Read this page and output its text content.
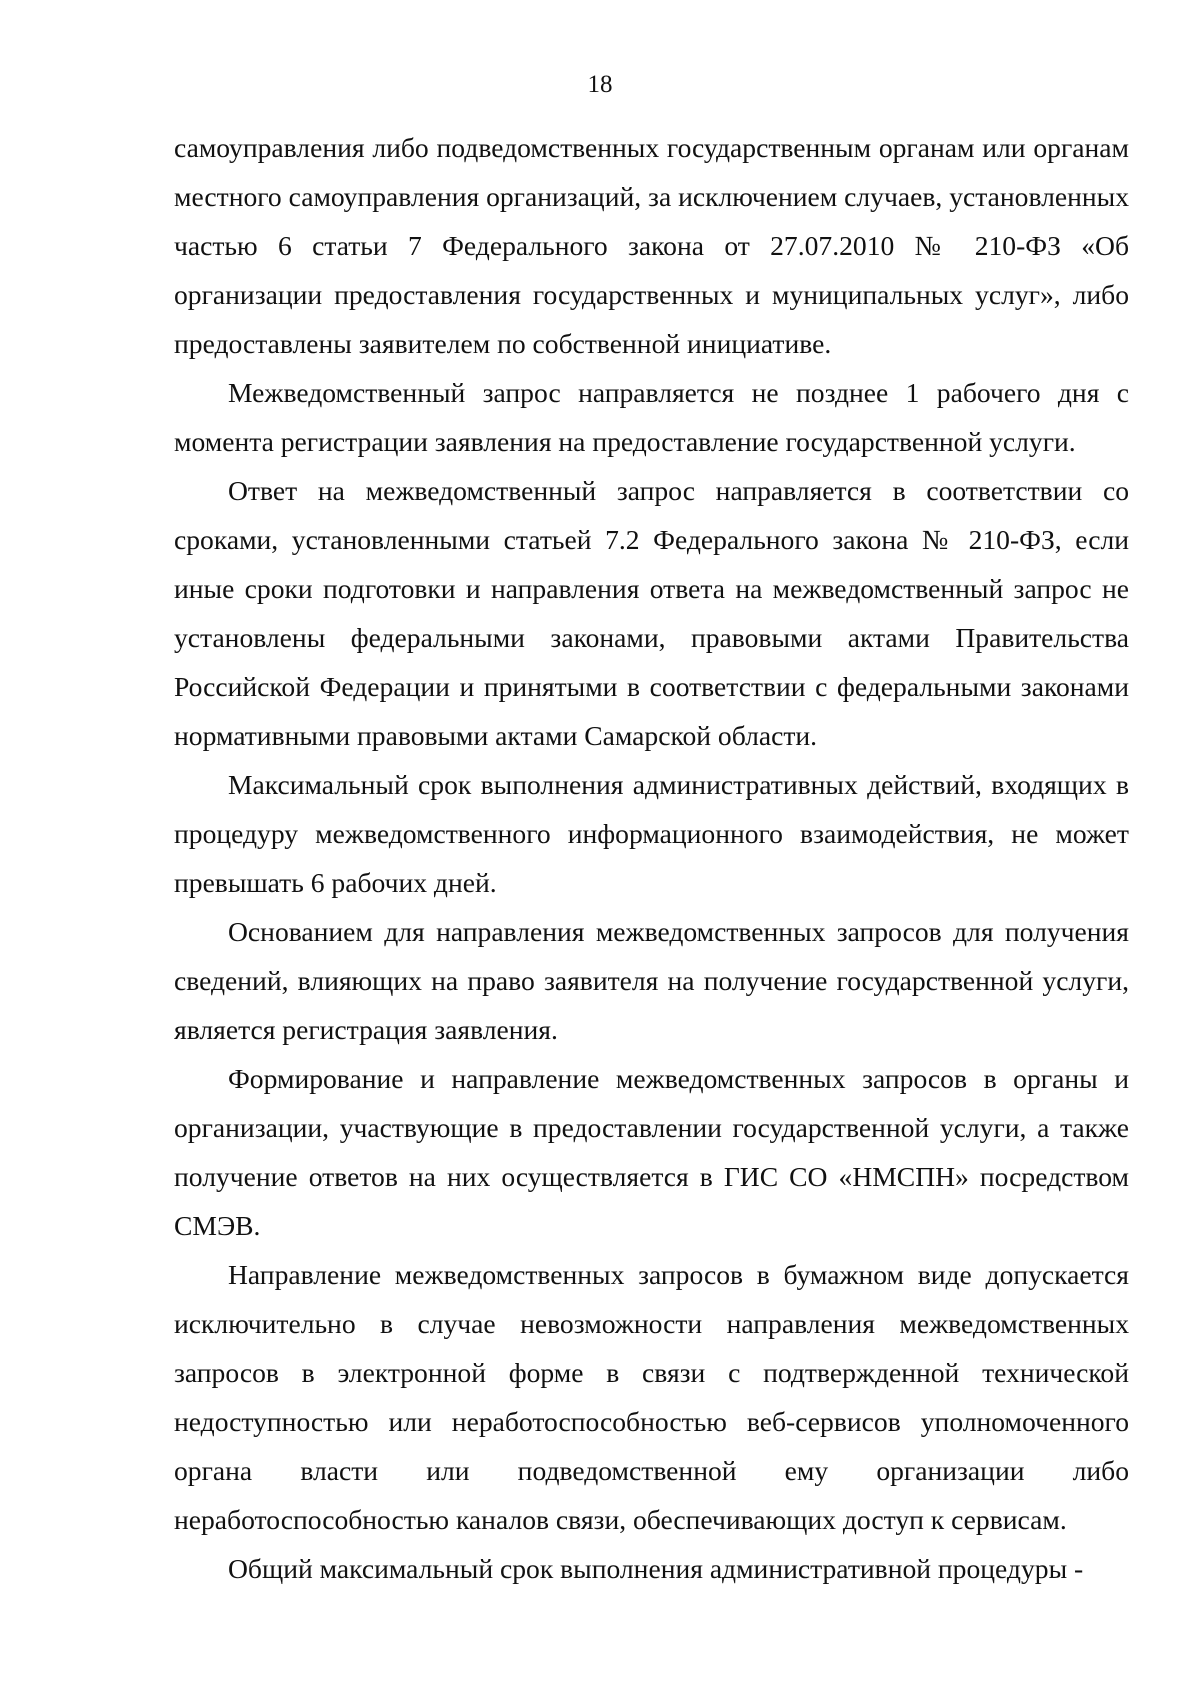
18

самоуправления либо подведомственных государственным органам или органам местного самоуправления организаций, за исключением случаев, установленных частью 6 статьи 7 Федерального закона от 27.07.2010 № 210-ФЗ «Об организации предоставления государственных и муниципальных услуг», либо предоставлены заявителем по собственной инициативе.

Межведомственный запрос направляется не позднее 1 рабочего дня с момента регистрации заявления на предоставление государственной услуги.

Ответ на межведомственный запрос направляется в соответствии со сроками, установленными статьей 7.2 Федерального закона № 210-ФЗ, если иные сроки подготовки и направления ответа на межведомственный запрос не установлены федеральными законами, правовыми актами Правительства Российской Федерации и принятыми в соответствии с федеральными законами нормативными правовыми актами Самарской области.

Максимальный срок выполнения административных действий, входящих в процедуру межведомственного информационного взаимодействия, не может превышать 6 рабочих дней.

Основанием для направления межведомственных запросов для получения сведений, влияющих на право заявителя на получение государственной услуги, является регистрация заявления.

Формирование и направление межведомственных запросов в органы и организации, участвующие в предоставлении государственной услуги, а также получение ответов на них осуществляется в ГИС СО «НМСПН» посредством СМЭВ.

Направление межведомственных запросов в бумажном виде допускается исключительно в случае невозможности направления межведомственных запросов в электронной форме в связи с подтвержденной технической недоступностью или неработоспособностью веб-сервисов уполномоченного органа власти или подведомственной ему организации либо неработоспособностью каналов связи, обеспечивающих доступ к сервисам.

Общий максимальный срок выполнения административной процедуры -
